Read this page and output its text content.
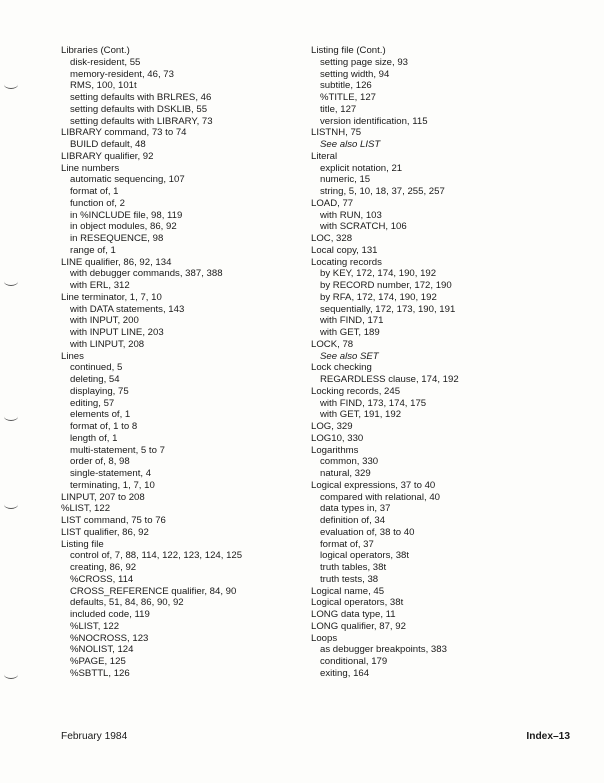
Libraries (Cont.)
disk-resident, 55
memory-resident, 46, 73
RMS, 100, 101t
setting defaults with BRLRES, 46
setting defaults with DSKLIB, 55
setting defaults with LIBRARY, 73
LIBRARY command, 73 to 74
BUILD default, 48
LIBRARY qualifier, 92
Line numbers
automatic sequencing, 107
format of, 1
function of, 2
in %INCLUDE file, 98, 119
in object modules, 86, 92
in RESEQUENCE, 98
range of, 1
LINE qualifier, 86, 92, 134
with debugger commands, 387, 388
with ERL, 312
Line terminator, 1, 7, 10
with DATA statements, 143
with INPUT, 200
with INPUT LINE, 203
with LINPUT, 208
Lines
continued, 5
deleting, 54
displaying, 75
editing, 57
elements of, 1
format of, 1 to 8
length of, 1
multi-statement, 5 to 7
order of, 8, 98
single-statement, 4
terminating, 1, 7, 10
LINPUT, 207 to 208
%LIST, 122
LIST command, 75 to 76
LIST qualifier, 86, 92
Listing file
control of, 7, 88, 114, 122, 123, 124, 125
creating, 86, 92
%CROSS, 114
CROSS_REFERENCE qualifier, 84, 90
defaults, 51, 84, 86, 90, 92
included code, 119
%LIST, 122
%NOCROSS, 123
%NOLIST, 124
%PAGE, 125
%SBTTL, 126
Listing file (Cont.)
setting page size, 93
setting width, 94
subtitle, 126
%TITLE, 127
title, 127
version identification, 115
LISTNH, 75
See also LIST
Literal
explicit notation, 21
numeric, 15
string, 5, 10, 18, 37, 255, 257
LOAD, 77
with RUN, 103
with SCRATCH, 106
LOC, 328
Local copy, 131
Locating records
by KEY, 172, 174, 190, 192
by RECORD number, 172, 190
by RFA, 172, 174, 190, 192
sequentially, 172, 173, 190, 191
with FIND, 171
with GET, 189
LOCK, 78
See also SET
Lock checking
REGARDLESS clause, 174, 192
Locking records, 245
with FIND, 173, 174, 175
with GET, 191, 192
LOG, 329
LOG10, 330
Logarithms
common, 330
natural, 329
Logical expressions, 37 to 40
compared with relational, 40
data types in, 37
definition of, 34
evaluation of, 38 to 40
format of, 37
logical operators, 38t
truth tables, 38t
truth tests, 38
Logical name, 45
Logical operators, 38t
LONG data type, 11
LONG qualifier, 87, 92
Loops
as debugger breakpoints, 383
conditional, 179
exiting, 164
February 1984	Index–13
